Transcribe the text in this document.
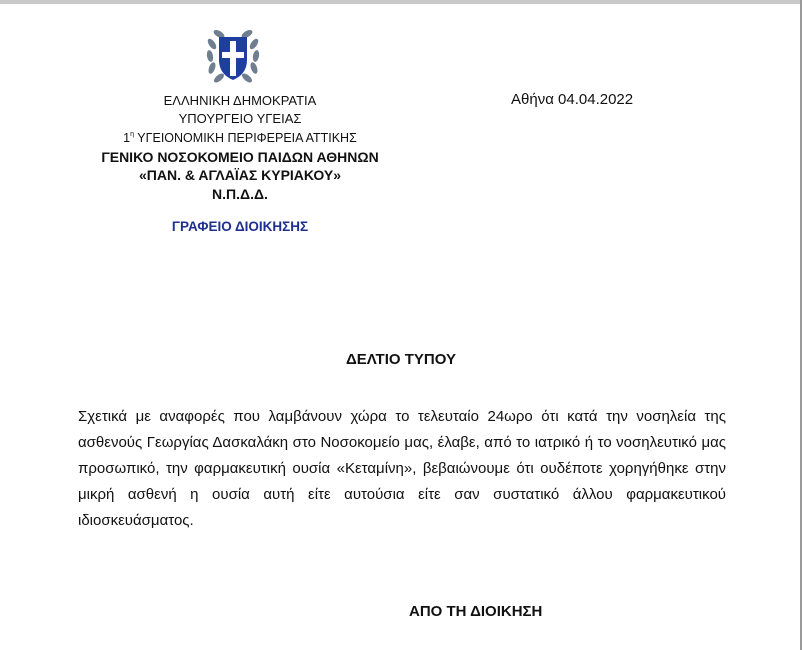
ΕΛΛΗΝΙΚΗ ΔΗΜΟΚΡΑΤΙΑ
ΥΠΟΥΡΓΕΙΟ ΥΓΕΙΑΣ
$1^\eta$ ΥΓΕΙΟΝΟΜΙΚΗ ΠΕΡΙΦΕΡΕΙΑ ΑΤΤΙΚΗΣ
ΓΕΝΙΚΟ ΝΟΣΟΚΟΜΕΙΟ ΠΑΙΔΩΝ ΑΘΗΝΩΝ
«ΠΑΝ. & ΑΓΛΑΪΑΣ ΚΥΡΙΑΚΟΥ»
Ν.Π.Δ.Δ.
ΓΡΑΦΕΙΟ ΔΙΟΙΚΗΣΗΣ
Αθήνα 04.04.2022
ΔΕΛΤΙΟ ΤΥΠΟΥ

Σχετικά με αναφορές που λαμβάνουν χώρα το τελευταίο 24ωρο ότι κατά την νοσηλεία της ασθενούς Γεωργίας Δασκαλάκη στο Νοσοκομείο μας, έλαβε, από το ιατρικό ή το νοσηλευτικό μας προσωπικό, την φαρμακευτική ουσία «Κεταμίνη», βεβαιώνουμε ότι ουδέποτε χορηγήθηκε στην μικρή ασθενή η ουσία αυτή είτε αυτούσια είτε σαν συστατικό άλλου φαρμακευτικού ιδιοσκευάσματος.

ΑΠΟ ΤΗ ΔΙΟΙΚΗΣΗ
